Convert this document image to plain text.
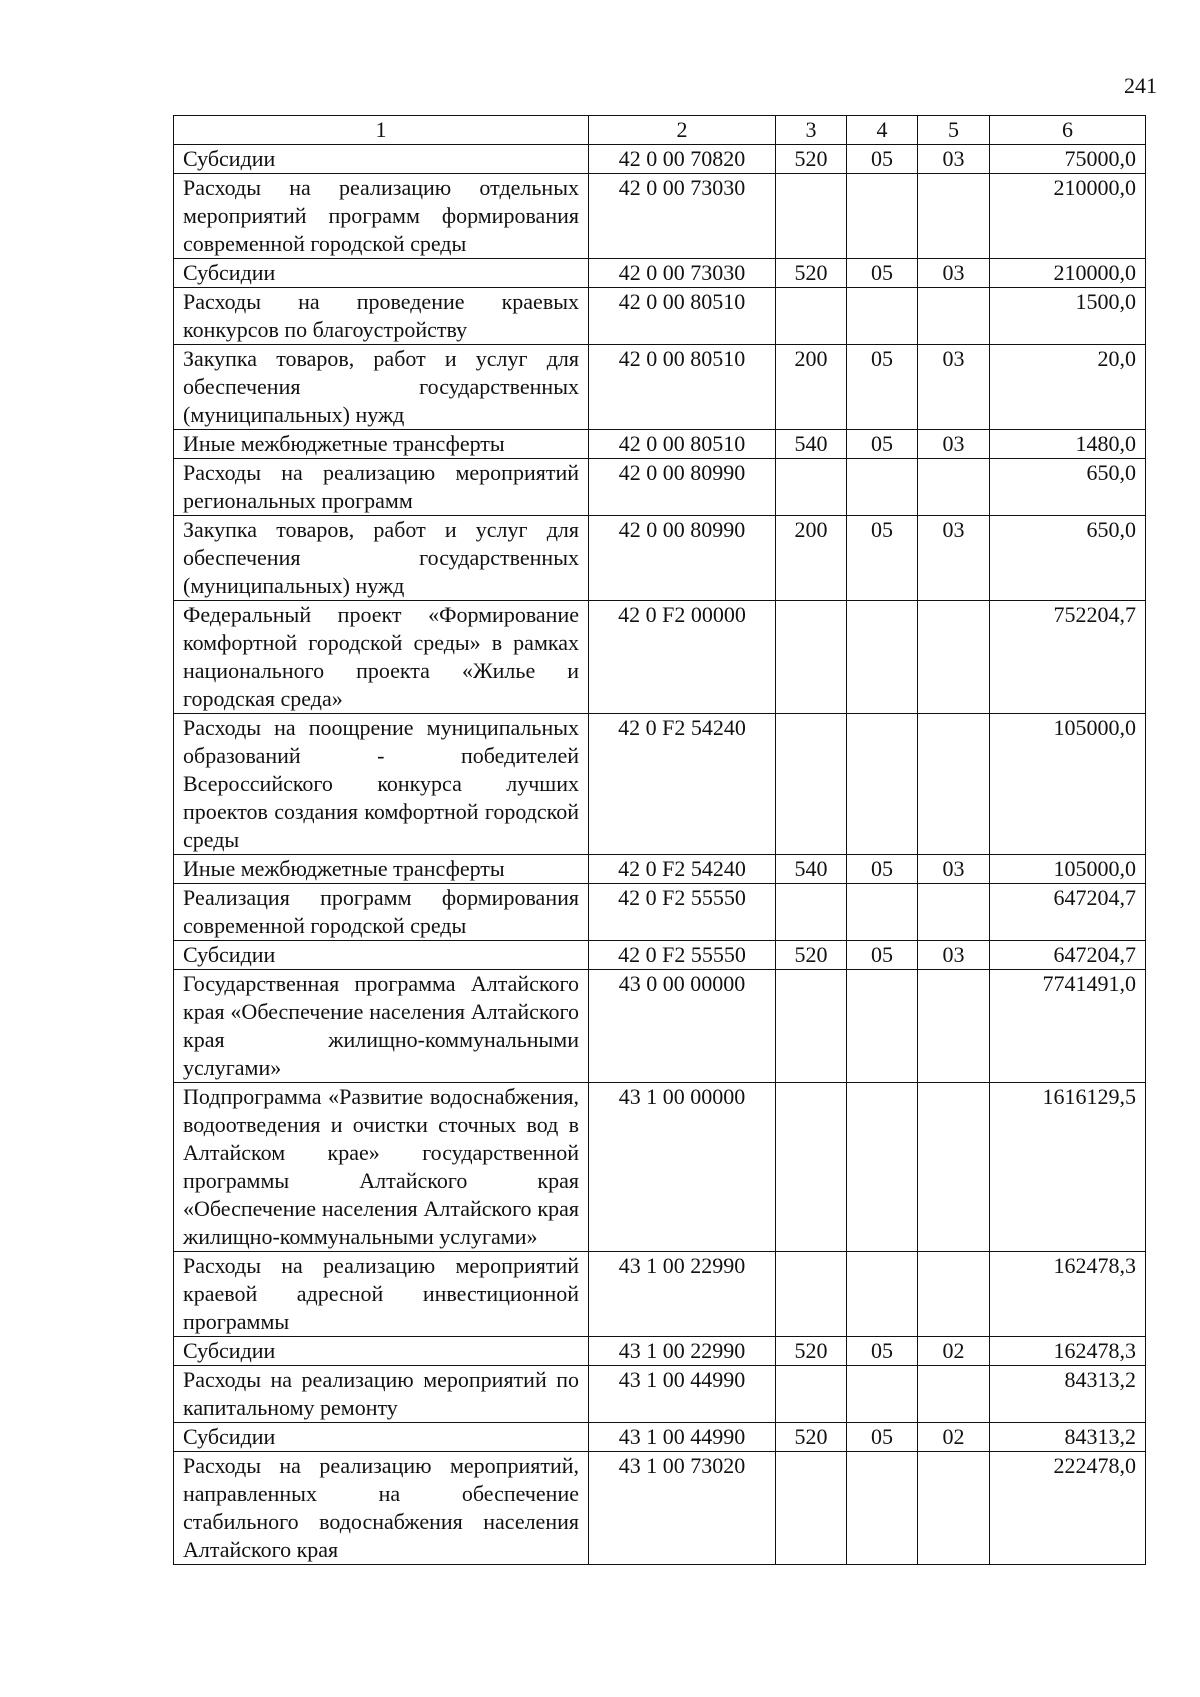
241
1	2	3	4	5	6
Субсидии	42 0 00 70820	520	05	03	75000,0
Расходы на реализацию отдельных мероприятий программ формирования современной городской среды	42 0 00 73030				210000,0
Субсидии	42 0 00 73030	520	05	03	210000,0
Расходы на проведение краевых конкурсов по благоустройству	42 0 00 80510				1500,0
Закупка товаров, работ и услуг для обеспечения государственных (муниципальных) нужд	42 0 00 80510	200	05	03	20,0
Иные межбюджетные трансферты	42 0 00 80510	540	05	03	1480,0
Расходы на реализацию мероприятий региональных программ	42 0 00 80990				650,0
Закупка товаров, работ и услуг для обеспечения государственных (муниципальных) нужд	42 0 00 80990	200	05	03	650,0
Федеральный проект «Формирование комфортной городской среды» в рамках национального проекта «Жилье и городская среда»	42 0 F2 00000				752204,7
Расходы на поощрение муниципальных образований - победителей Всероссийского конкурса лучших проектов создания комфортной городской среды	42 0 F2 54240				105000,0
Иные межбюджетные трансферты	42 0 F2 54240	540	05	03	105000,0
Реализация программ формирования современной городской среды	42 0 F2 55550				647204,7
Субсидии	42 0 F2 55550	520	05	03	647204,7
Государственная программа Алтайского края «Обеспечение населения Алтайского края жилищно-коммунальными услугами»	43 0 00 00000				7741491,0
Подпрограмма «Развитие водоснабжения, водоотведения и очистки сточных вод в Алтайском крае» государственной программы Алтайского края «Обеспечение населения Алтайского края жилищно-коммунальными услугами»	43 1 00 00000				1616129,5
Расходы на реализацию мероприятий краевой адресной инвестиционной программы	43 1 00 22990				162478,3
Субсидии	43 1 00 22990	520	05	02	162478,3
Расходы на реализацию мероприятий по капитальному ремонту	43 1 00 44990				84313,2
Субсидии	43 1 00 44990	520	05	02	84313,2
Расходы на реализацию мероприятий, направленных на обеспечение стабильного водоснабжения населения Алтайского края	43 1 00 73020				222478,0
